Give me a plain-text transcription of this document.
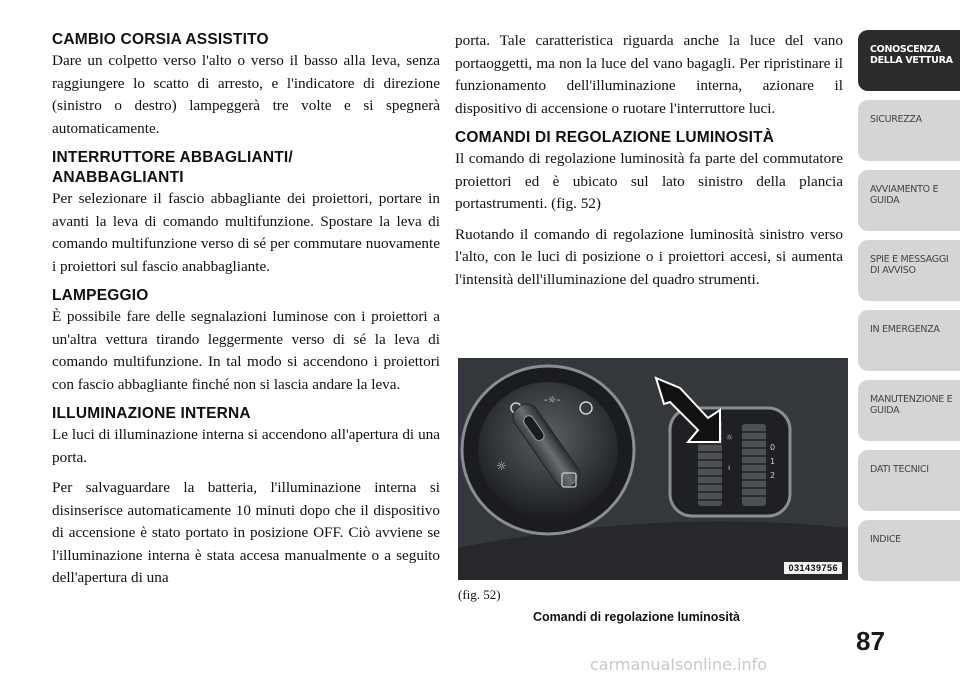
CAMBIO CORSIA ASSISTITO

Dare un colpetto verso l'alto o verso il basso alla leva, senza raggiungere lo scatto di arresto, e l'indicatore di direzione (sinistro o destro) lampeggerà tre volte e si spegnerà automaticamente.

INTERRUTTORE ABBAGLIANTI/ ANABBAGLIANTI

Per selezionare il fascio abbagliante dei proiettori, portare in avanti la leva di comando multifunzione. Spostare la leva di comando multifunzione verso di sé per commutare nuovamente i proiettori sul fascio anabbagliante.

LAMPEGGIO

È possibile fare delle segnalazioni luminose con i proiettori a un'altra vettura tirando leggermente verso di sé la leva di comando multifunzione. In tal modo si accendono i proiettori con fascio abbagliante finché non si lascia andare la leva.

ILLUMINAZIONE INTERNA

Le luci di illuminazione interna si accendono all'apertura di una porta.

Per salvaguardare la batteria, l'illuminazione interna si disinserisce automaticamente 10 minuti dopo che il dispositivo di accensione è stato portato in posizione OFF. Ciò avviene se l'illuminazione interna è stata accesa manualmente o a seguito dell'apertura di una

porta. Tale caratteristica riguarda anche la luce del vano portaoggetti, ma non la luce del vano bagagli. Per ripristinare il funzionamento dell'illuminazione interna, azionare il dispositivo di accensione o ruotare l'interruttore luci.

COMANDI DI REGOLAZIONE LUMINOSITÀ

Il comando di regolazione luminosità fa parte del commutatore proiettori ed è ubicato sul lato sinistro della plancia portastrumenti. (fig. 52)

Ruotando il comando di regolazione luminosità sinistro verso l'alto, con le luci di posizione o i proiettori accesi, si aumenta l'intensità dell'illuminazione del quadro strumenti.

-☼-
☼
☼
ı
0
1
2
031439756
(fig. 52)
Comandi di regolazione luminosità
CONOSCENZA DELLA VETTURA
SICUREZZA
AVVIAMENTO E GUIDA
SPIE E MESSAGGI DI AVVISO
IN EMERGENZA
MANUTENZIONE E GUIDA
DATI TECNICI
INDICE
87
carmanualsonline.info
